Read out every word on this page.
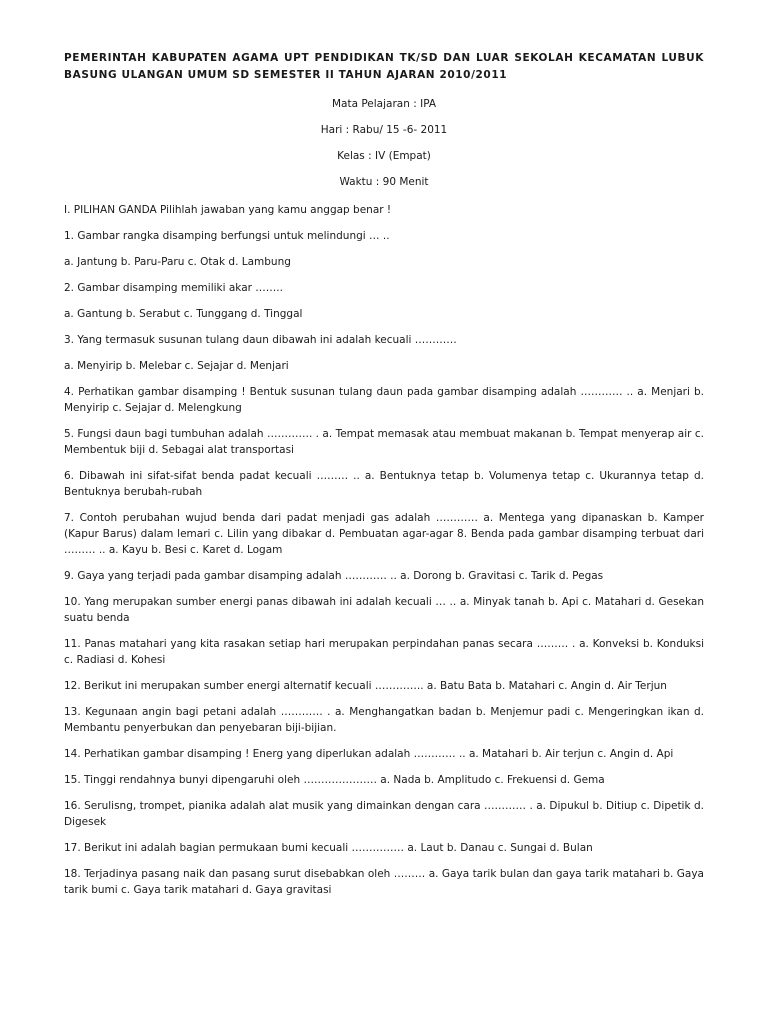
PEMERINTAH KABUPATEN AGAMA UPT PENDIDIKAN TK/SD DAN LUAR SEKOLAH KECAMATAN LUBUK BASUNG ULANGAN UMUM SD SEMESTER II TAHUN AJARAN 2010/2011
Mata Pelajaran : IPA
Hari : Rabu/ 15 -6- 2011
Kelas : IV (Empat)
Waktu : 90 Menit
I. PILIHAN GANDA Pilihlah jawaban yang kamu anggap benar !
1. Gambar rangka disamping berfungsi untuk melindungi … ..
a. Jantung b. Paru-Paru c. Otak d. Lambung
2. Gambar disamping memiliki akar ……..
a. Gantung b. Serabut c. Tunggang d. Tinggal
3. Yang termasuk susunan tulang daun dibawah ini adalah kecuali …………
a. Menyirip b. Melebar c. Sejajar d. Menjari
4. Perhatikan gambar disamping ! Bentuk susunan tulang daun pada gambar disamping adalah ………… .. a. Menjari b. Menyirip c. Sejajar d. Melengkung
5. Fungsi daun bagi tumbuhan adalah …………. . a. Tempat memasak atau membuat makanan b. Tempat menyerap air c. Membentuk biji d. Sebagai alat transportasi
6. Dibawah ini sifat-sifat benda padat kecuali ……… .. a. Bentuknya tetap b. Volumenya tetap c. Ukurannya tetap d. Bentuknya berubah-rubah
7. Contoh perubahan wujud benda dari padat menjadi gas adalah ………… a. Mentega yang dipanaskan b. Kamper (Kapur Barus) dalam lemari c. Lilin yang dibakar d. Pembuatan agar-agar 8. Benda pada gambar disamping terbuat dari ……… .. a. Kayu b. Besi c. Karet d. Logam
9. Gaya yang terjadi pada gambar disamping adalah ………… .. a. Dorong b. Gravitasi c. Tarik d. Pegas
10. Yang merupakan sumber energi panas dibawah ini adalah kecuali … .. a. Minyak tanah b. Api c. Matahari d. Gesekan suatu benda
11. Panas matahari yang kita rasakan setiap hari merupakan perpindahan panas secara ……… . a. Konveksi b. Konduksi c. Radiasi d. Kohesi
12. Berikut ini merupakan sumber energi alternatif kecuali ………….. a. Batu Bata b. Matahari c. Angin d. Air Terjun
13. Kegunaan angin bagi petani adalah ………… . a. Menghangatkan badan b. Menjemur padi c. Mengeringkan ikan d. Membantu penyerbukan dan penyebaran biji-bijian.
14. Perhatikan gambar disamping ! Energ yang diperlukan adalah ………… .. a. Matahari b. Air terjun c. Angin d. Api
15. Tinggi rendahnya bunyi dipengaruhi oleh ………………… a. Nada b. Amplitudo c. Frekuensi d. Gema
16. Serulisng, trompet, pianika adalah alat musik yang dimainkan dengan cara ………… . a. Dipukul b. Ditiup c. Dipetik d. Digesek
17. Berikut ini adalah bagian permukaan bumi kecuali …………… a. Laut b. Danau c. Sungai d. Bulan
18. Terjadinya pasang naik dan pasang surut disebabkan oleh ……… a. Gaya tarik bulan dan gaya tarik matahari b. Gaya tarik bumi c. Gaya tarik matahari d. Gaya gravitasi
